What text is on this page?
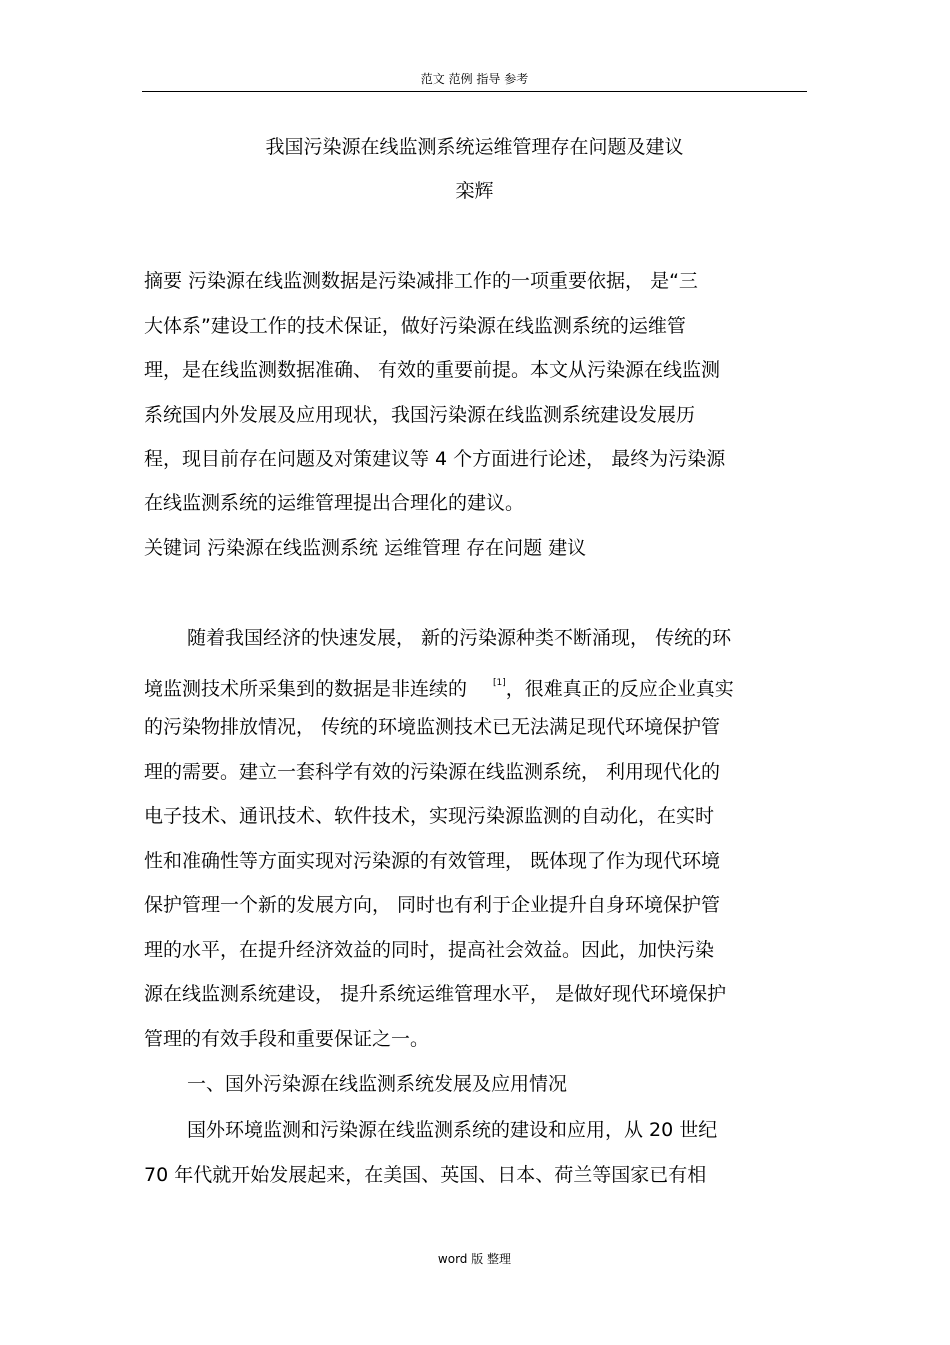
范文 范例 指导 参考
我国污染源在线监测系统运维管理存在问题及建议
栾辉
摘要 污染源在线监测数据是污染减排工作的一项重要依据， 是“三
大体系”建设工作的技术保证，做好污染源在线监测系统的运维管
理，是在线监测数据准确、 有效的重要前提。本文从污染源在线监测
系统国内外发展及应用现状，我国污染源在线监测系统建设发展历
程，现目前存在问题及对策建议等 4 个方面进行论述， 最终为污染源
在线监测系统的运维管理提出合理化的建议。
关键词 污染源在线监测系统 运维管理 存在问题 建议
随着我国经济的快速发展， 新的污染源种类不断涌现， 传统的环
境监测技术所采集到的数据是非连续的	[1]，很难真正的反应企业真实
的污染物排放情况， 传统的环境监测技术已无法满足现代环境保护管
理的需要。建立一套科学有效的污染源在线监测系统， 利用现代化的
电子技术、通讯技术、软件技术，实现污染源监测的自动化，在实时
性和准确性等方面实现对污染源的有效管理， 既体现了作为现代环境
保护管理一个新的发展方向， 同时也有利于企业提升自身环境保护管
理的水平，在提升经济效益的同时，提高社会效益。因此，加快污染
源在线监测系统建设， 提升系统运维管理水平， 是做好现代环境保护
管理的有效手段和重要保证之一。
一、国外污染源在线监测系统发展及应用情况
国外环境监测和污染源在线监测系统的建设和应用，从 20 世纪
70 年代就开始发展起来，在美国、英国、日本、荷兰等国家已有相
word 版 整理
